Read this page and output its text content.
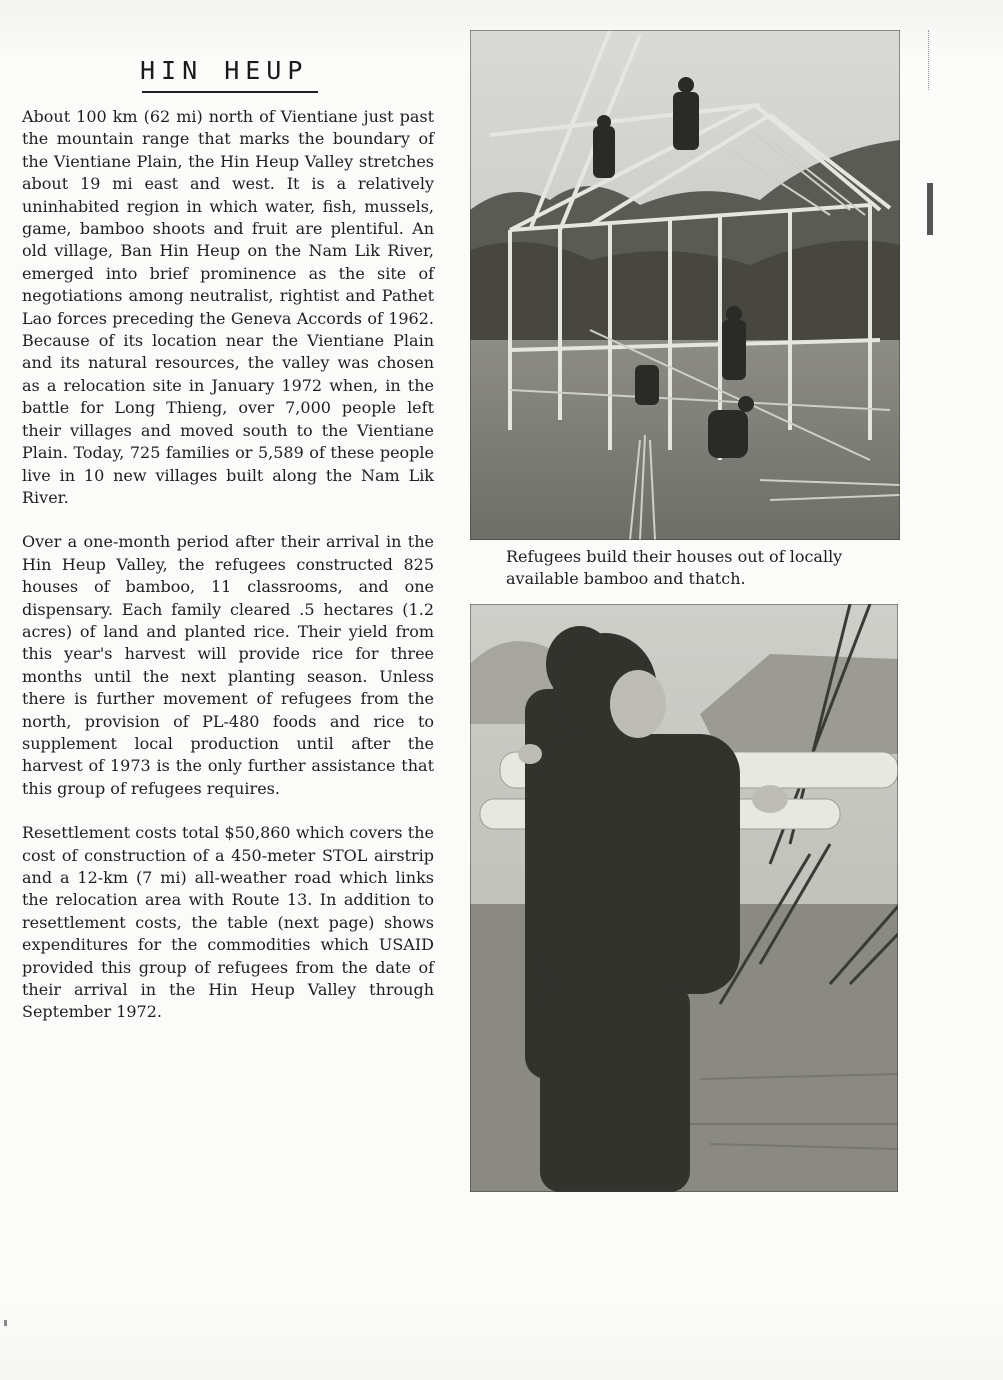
HIN HEUP

About 100 km (62 mi) north of Vientiane just past the mountain range that marks the boundary of the Vientiane Plain, the Hin Heup Valley stretches about 19 mi east and west. It is a relatively uninhabited region in which water, fish, mussels, game, bamboo shoots and fruit are plentiful. An old village, Ban Hin Heup on the Nam Lik River, emerged into brief prominence as the site of negotiations among neutralist, rightist and Pathet Lao forces preceding the Geneva Accords of 1962. Because of its location near the Vientiane Plain and its natural resources, the valley was chosen as a relocation site in January 1972 when, in the battle for Long Thieng, over 7,000 people left their villages and moved south to the Vientiane Plain. Today, 725 families or 5,589 of these people live in 10 new villages built along the Nam Lik River.

Over a one-month period after their arrival in the Hin Heup Valley, the refugees constructed 825 houses of bamboo, 11 classrooms, and one dispensary. Each family cleared .5 hectares (1.2 acres) of land and planted rice. Their yield from this year's harvest will provide rice for three months until the next planting season. Unless there is further movement of refugees from the north, provision of PL-480 foods and rice to supplement local production until after the harvest of 1973 is the only further assistance that this group of refugees requires.

Resettlement costs total $50,860 which covers the cost of construction of a 450-meter STOL airstrip and a 12-km (7 mi) all-weather road which links the relocation area with Route 13. In addition to resettlement costs, the table (next page) shows expenditures for the commodities which USAID provided this group of refugees from the date of their arrival in the Hin Heup Valley through September 1972.

Refugees build their houses out of locally available bamboo and thatch.
